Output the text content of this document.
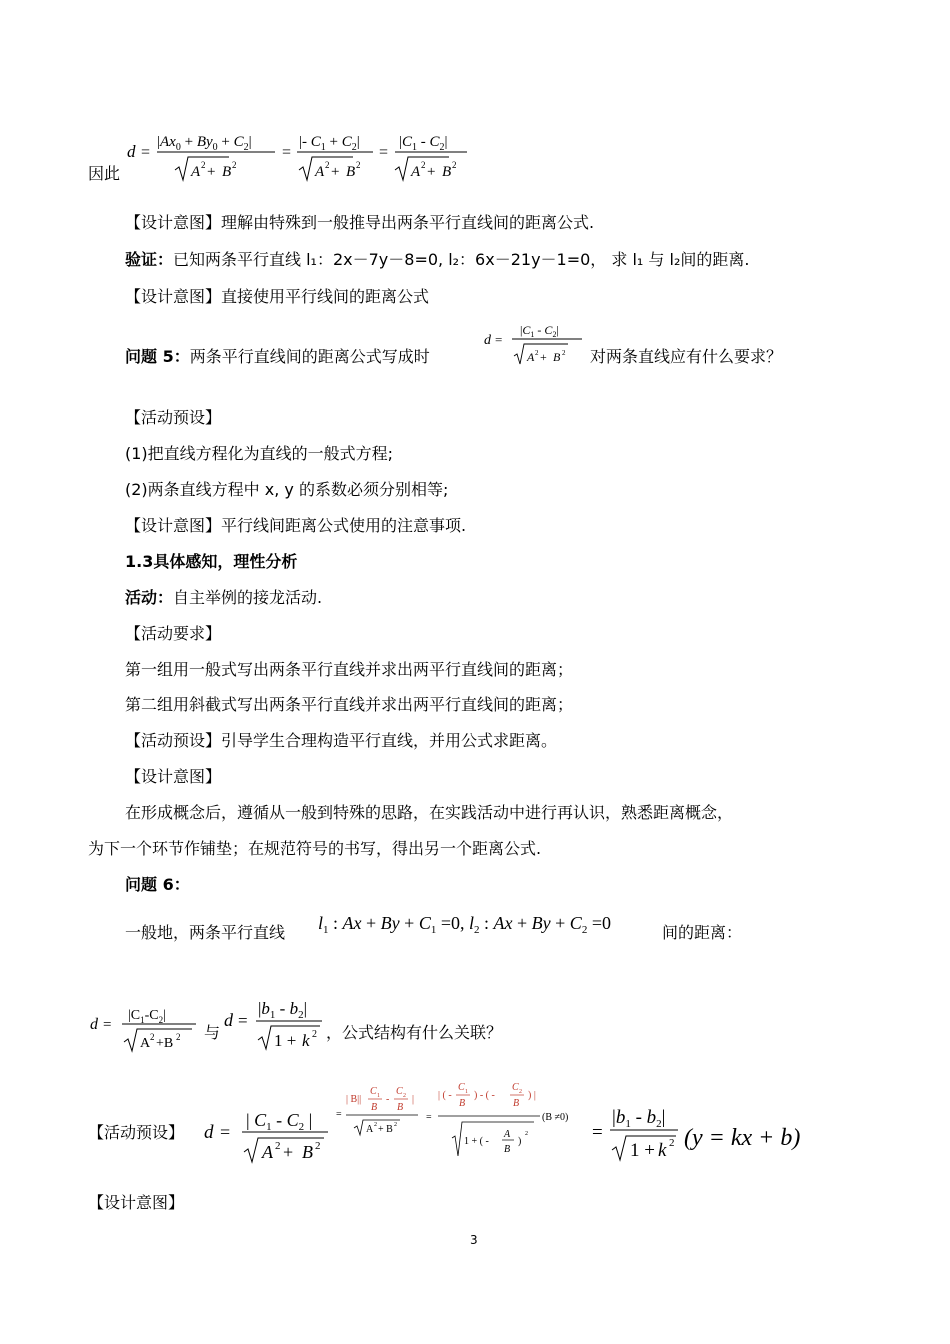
因此
d =
$|Ax_0 + By_0 + C_2|$
A 2 + B 2
=
|- $C_1 + C_2|$
A 2 + B 2
=
$|C_1 - C_2|$
A 2 + B 2
【设计意图】理解由特殊到一般推导出两条平行直线间的距离公式.
验证：已知两条平行直线 l₁：2x－7y－8=0, l₂：6x－21y－1=0， 求 l₁ 与 l₂间的距离.
【设计意图】直接使用平行线间的距离公式
问题 5：两条平行直线间的距离公式写成时
d =
$|C_1 - C_2|$
A 2 + B 2 对两条直线应有什么要求？
【活动预设】
(1)把直线方程化为直线的一般式方程;
(2)两条直线方程中 x, y 的系数必须分别相等;
【设计意图】平行线间距离公式使用的注意事项.
1.3具体感知，理性分析
活动：自主举例的接龙活动.
【活动要求】
第一组用一般式写出两条平行直线并求出两平行直线间的距离；
第二组用斜截式写出两条平行直线并求出两平行直线间的距离；
【活动预设】引导学生合理构造平行直线，并用公式求距离。
【设计意图】
在形成概念后，遵循从一般到特殊的思路，在实践活动中进行再认识，熟悉距离概念，
为下一个环节作铺垫；在规范符号的书写，得出另一个距离公式.
问题 6：
一般地，两条平行直线 $l_1$ : $Ax + By + C_1 =0$, $l_2$ : $Ax + By + C_2 =0$	间的距离：
d =
$|C_1-C_2|$
A 2 +B 2 与
d =
$|b_1 - b_2|$
1 + k 2 ，公式结构有什么关联？
【活动预设】 d =
| $C_1 - C_2$ |
A 2 + B 2
=
| B||
C 1
B
-
C 2
B
|
A 2 + B 2
=
| ( -
C 1
B
) - ( -
C 2
B
) |
1 + ( -
A
B
)
2
(B ≠0)
=
$|b_1 - b_2|$
1 + k 2 (y = kx + b)
【设计意图】
3
